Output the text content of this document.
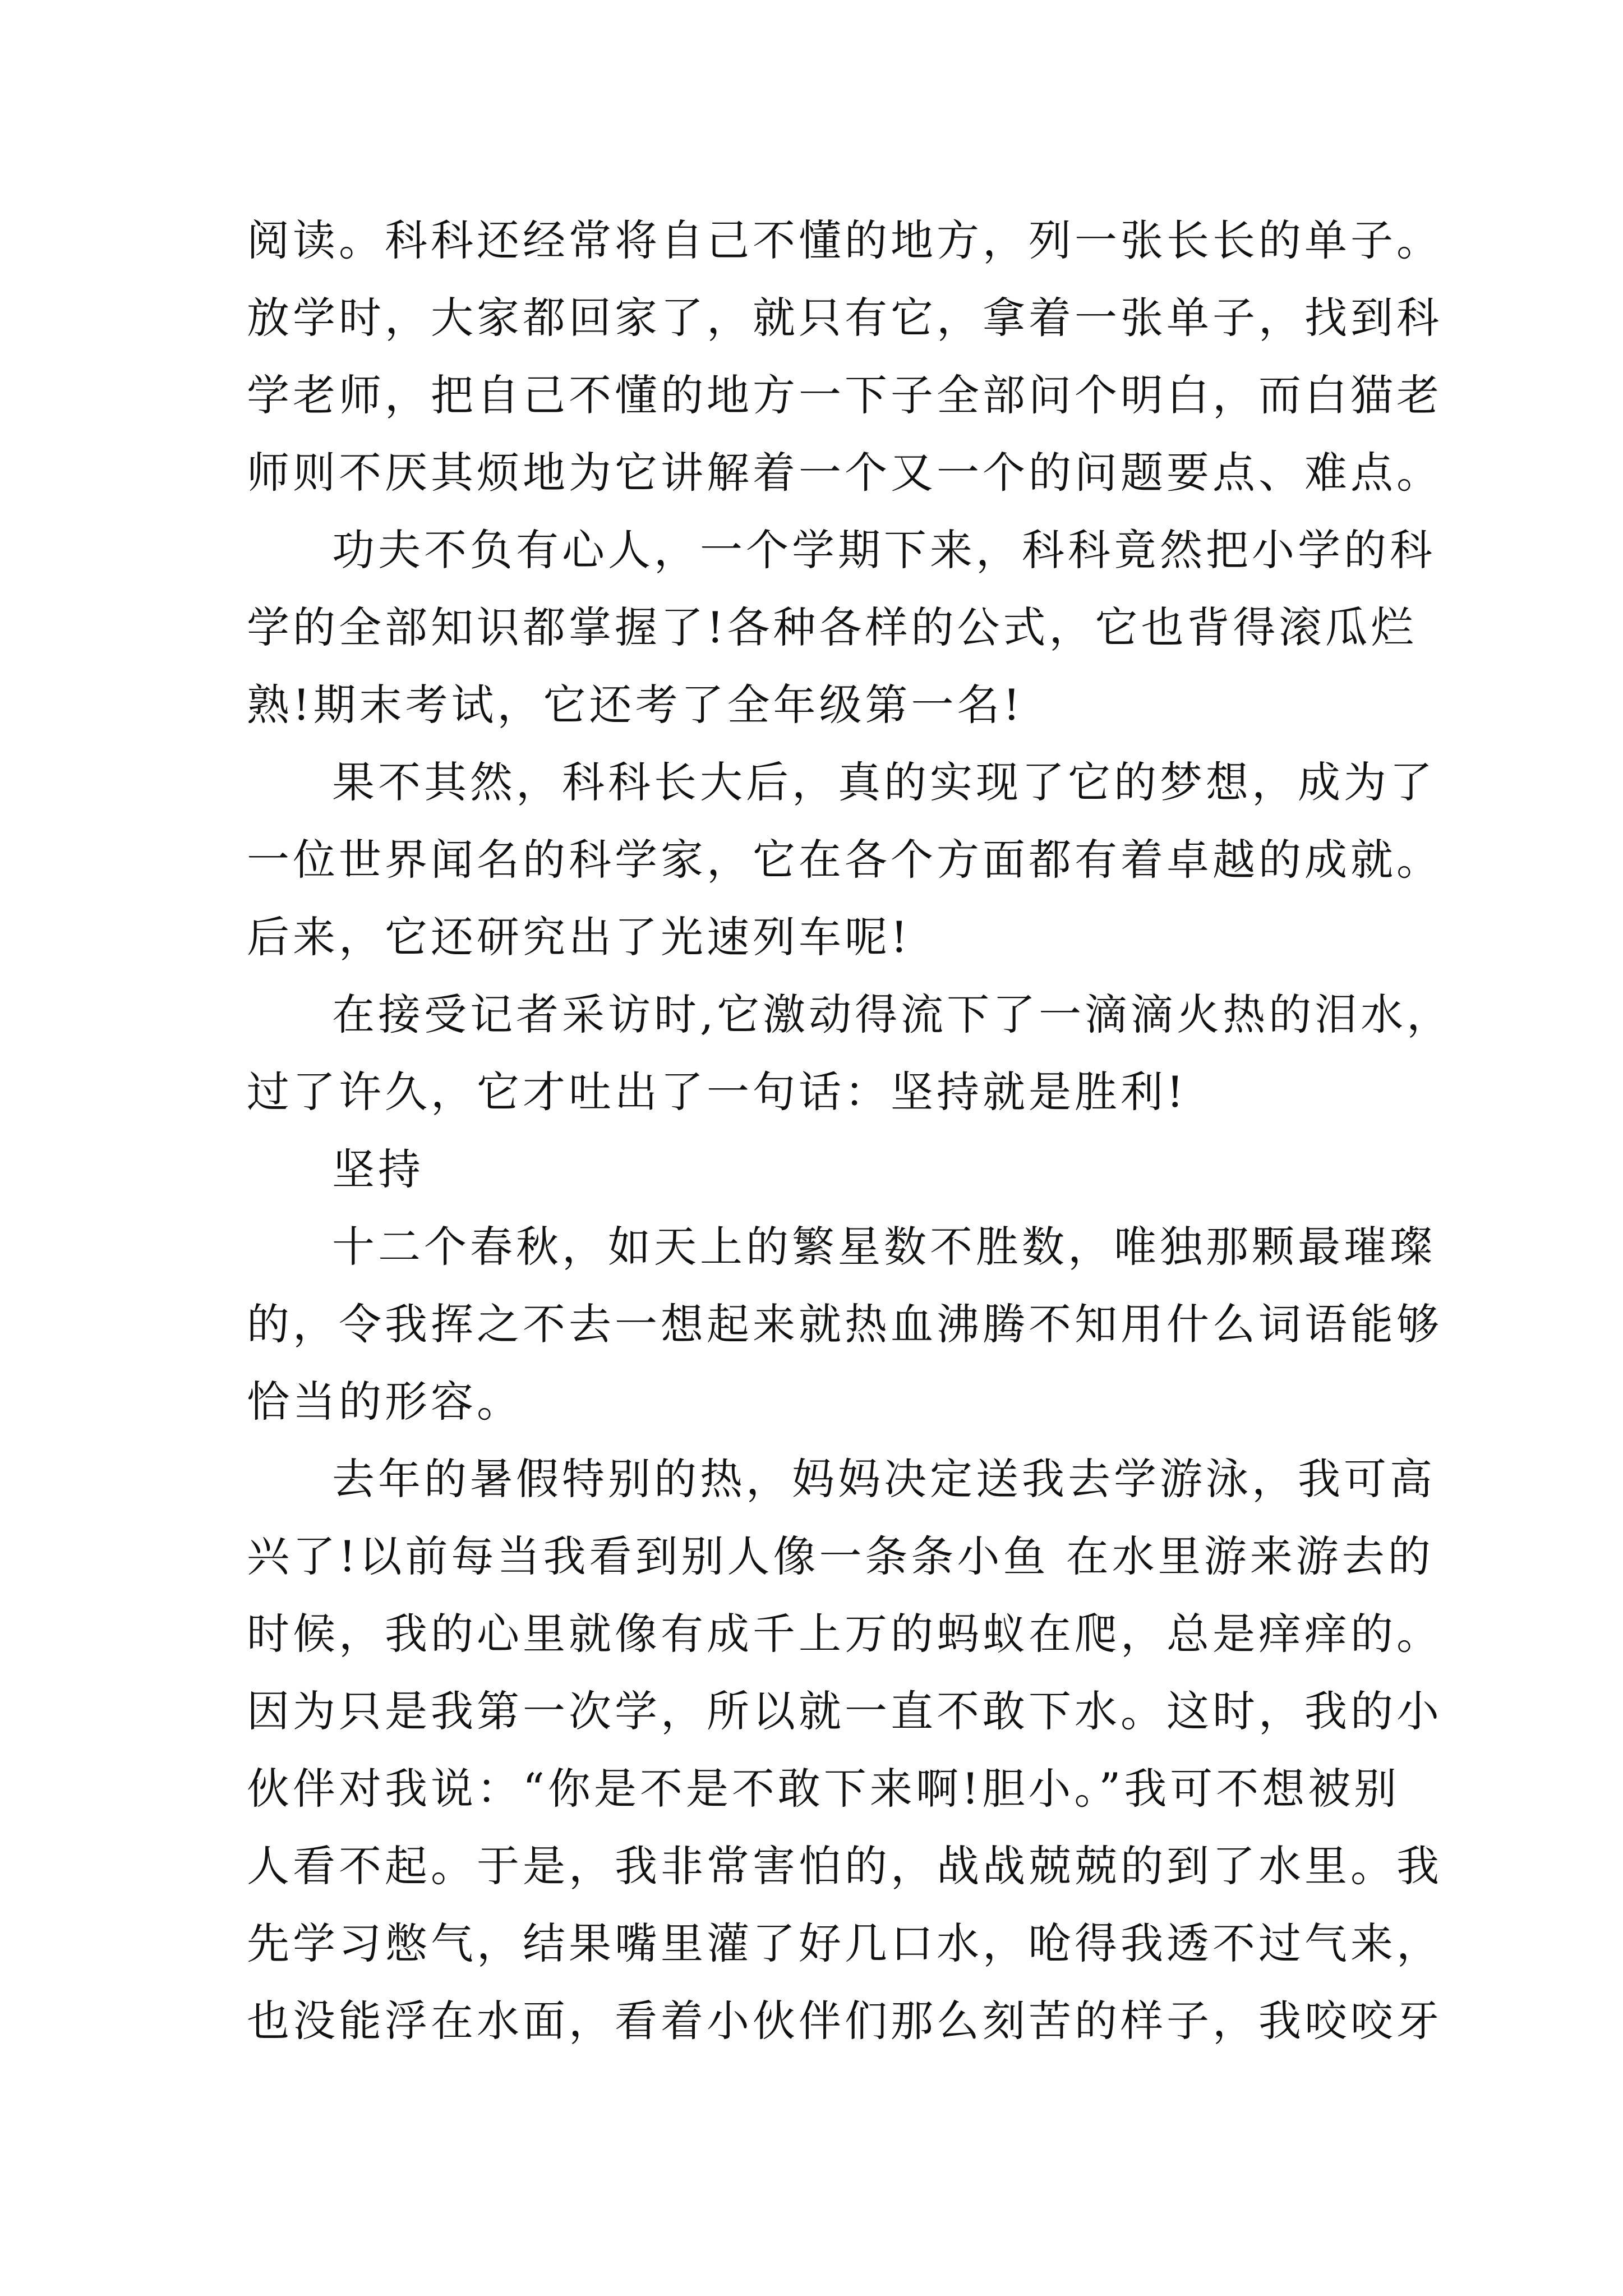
阅读。科科还经常将自己不懂的地方，列一张长长的单子。
放学时，大家都回家了，就只有它，拿着一张单子，找到科
学老师，把自己不懂的地方一下子全部问个明白，而白猫老
师则不厌其烦地为它讲解着一个又一个的问题要点、难点。
功夫不负有心人，一个学期下来，科科竟然把小学的科
学的全部知识都掌握了!各种各样的公式，它也背得滚瓜烂
熟!期末考试，它还考了全年级第一名!
果不其然，科科长大后，真的实现了它的梦想，成为了
一位世界闻名的科学家，它在各个方面都有着卓越的成就。
后来，它还研究出了光速列车呢!
在接受记者采访时,它激动得流下了一滴滴火热的泪水，
过了许久，它才吐出了一句话：坚持就是胜利!
坚持
十二个春秋，如天上的繁星数不胜数，唯独那颗最璀璨
的，令我挥之不去一想起来就热血沸腾不知用什么词语能够
恰当的形容。
去年的暑假特别的热，妈妈决定送我去学游泳，我可高
兴了!以前每当我看到别人像一条条小鱼 在水里游来游去的
时候，我的心里就像有成千上万的蚂蚁在爬，总是痒痒的。
因为只是我第一次学，所以就一直不敢下水。这时，我的小
伙伴对我说：“你是不是不敢下来啊!胆小。”我可不想被别
人看不起。于是，我非常害怕的，战战兢兢的到了水里。我
先学习憋气，结果嘴里灌了好几口水，呛得我透不过气来，
也没能浮在水面，看着小伙伴们那么刻苦的样子，我咬咬牙
